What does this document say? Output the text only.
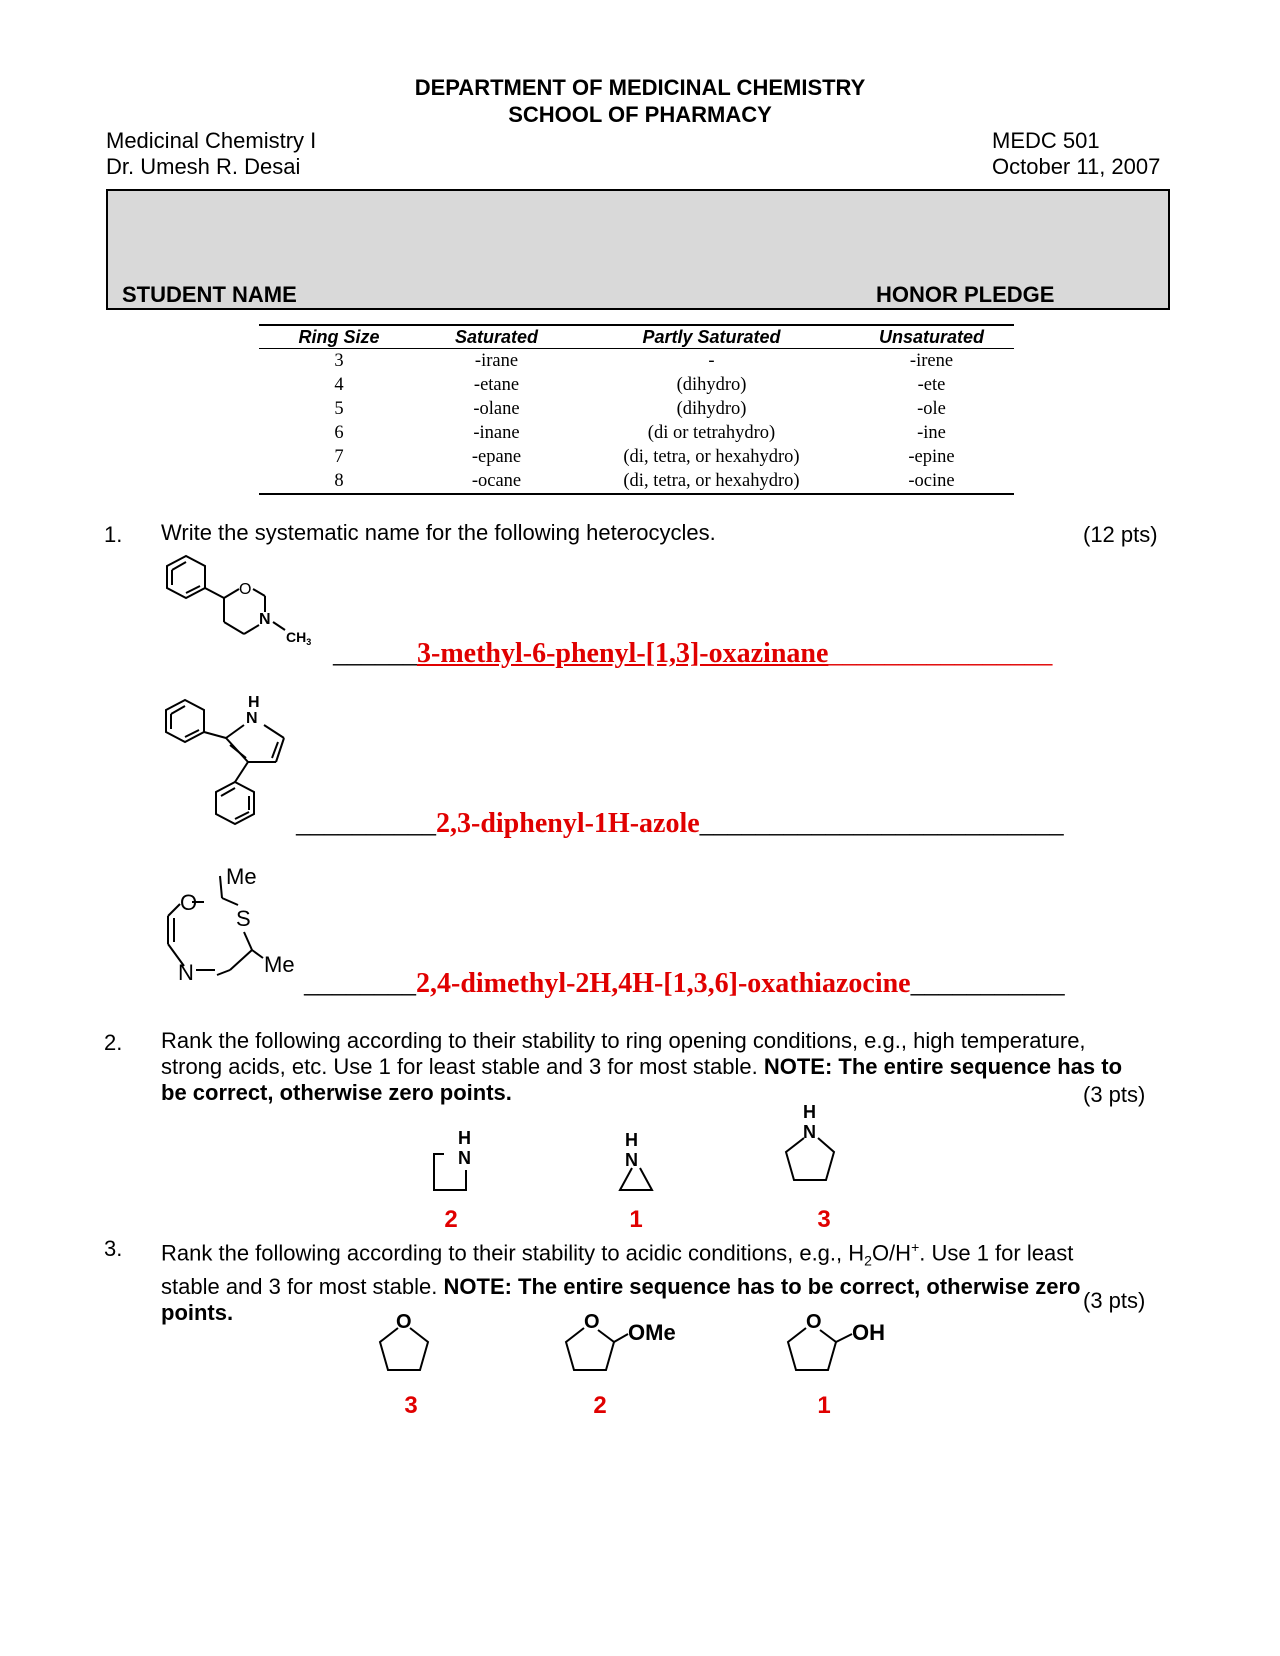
DEPARTMENT OF MEDICINAL CHEMISTRY
SCHOOL OF PHARMACY
Medicinal Chemistry I
Dr. Umesh R. Desai
MEDC 501
October 11, 2007
STUDENT NAME	HONOR PLEDGE
Ring Size	Saturated	Partly Saturated	Unsaturated
3	-irane	-	-irene
4	-etane	(dihydro)	-ete
5	-olane	(dihydro)	-ole
6	-inane	(di or tetrahydro)	-ine
7	-epane	(di, tetra, or hexahydro)	-epine
8	-ocane	(di, tetra, or hexahydro)	-ocine
1. Write the systematic name for the following heterocycles.	(12 pts)
O
N
$CH_3$ ______3-methyl-6-phenyl-[1,3]-oxazinane________________
H
N
__________2,3-diphenyl-1H-azole__________________________
Me
O
S
N	Me
________2,4-dimethyl-2H,4H-[1,3,6]-oxathiazocine___________
2. Rank the following according to their stability to ring opening conditions, e.g., high temperature,
strong acids, etc. Use 1 for least stable and 3 for most stable. NOTE: The entire sequence has to
be correct, otherwise zero points.	(3 pts)
H
N
H
N
H
N
2	1	3
3. Rank the following according to their stability to acidic conditions, e.g., $H_2O/H^+$. Use 1 for least
stable and 3 for most stable. NOTE: The entire sequence has to be correct, otherwise zero
points.	(3 pts)
O	O OMe	O OH
3	2	1
